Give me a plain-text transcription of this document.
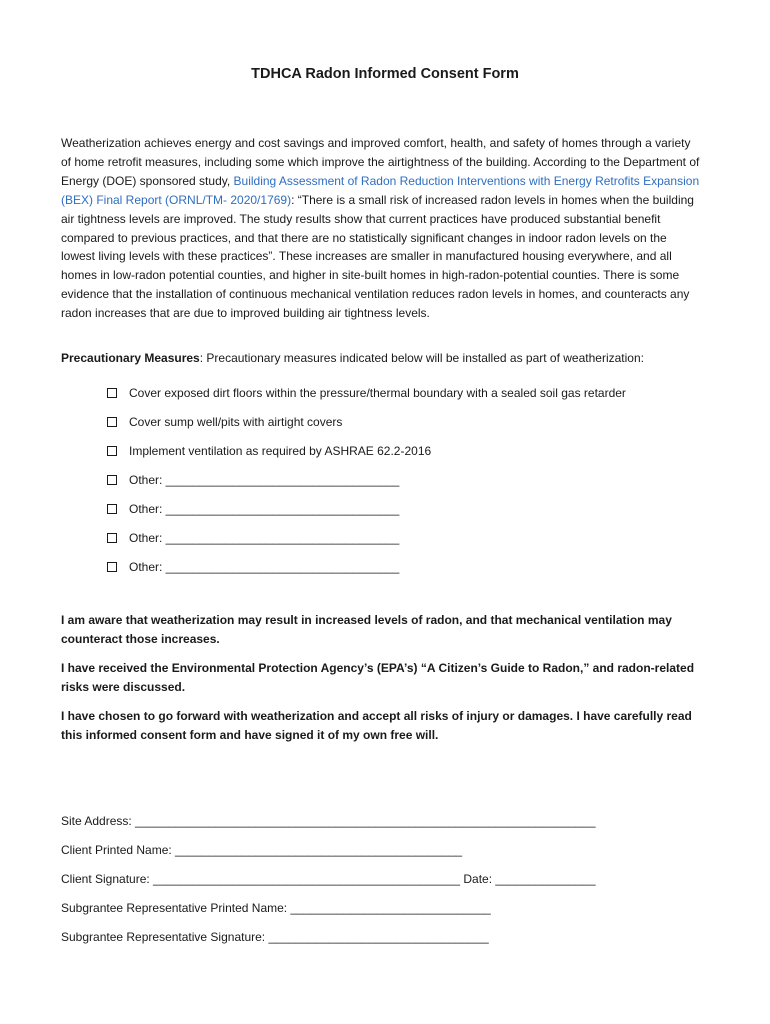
TDHCA Radon Informed Consent Form

Weatherization achieves energy and cost savings and improved comfort, health, and safety of homes through a variety of home retrofit measures, including some which improve the airtightness of the building. According to the Department of Energy (DOE) sponsored study, Building Assessment of Radon Reduction Interventions with Energy Retrofits Expansion (BEX) Final Report (ORNL/TM- 2020/1769): “There is a small risk of increased radon levels in homes when the building air tightness levels are improved. The study results show that current practices have produced substantial benefit compared to previous practices, and that there are no statistically significant changes in indoor radon levels on the lowest living levels with these practices”. These increases are smaller in manufactured housing everywhere, and all homes in low-radon potential counties, and higher in site-built homes in high-radon-potential counties. There is some evidence that the installation of continuous mechanical ventilation reduces radon levels in homes, and counteracts any radon increases that are due to improved building air tightness levels.

Precautionary Measures: Precautionary measures indicated below will be installed as part of weatherization:

Cover exposed dirt floors within the pressure/thermal boundary with a sealed soil gas retarder
Cover sump well/pits with airtight covers
Implement ventilation as required by ASHRAE 62.2-2016
Other: ___________________________________
Other: ___________________________________
Other: ___________________________________
Other: ___________________________________

I am aware that weatherization may result in increased levels of radon, and that mechanical ventilation may counteract those increases.

I have received the Environmental Protection Agency’s (EPA’s) “A Citizen’s Guide to Radon,” and radon-related risks were discussed.

I have chosen to go forward with weatherization and accept all risks of injury or damages. I have carefully read this informed consent form and have signed it of my own free will.

Site Address: _____________________________________________________________________

Client Printed Name: ___________________________________________

Client Signature: ______________________________________________ Date: _______________

Subgrantee Representative Printed Name: ______________________________

Subgrantee Representative Signature: _________________________________
